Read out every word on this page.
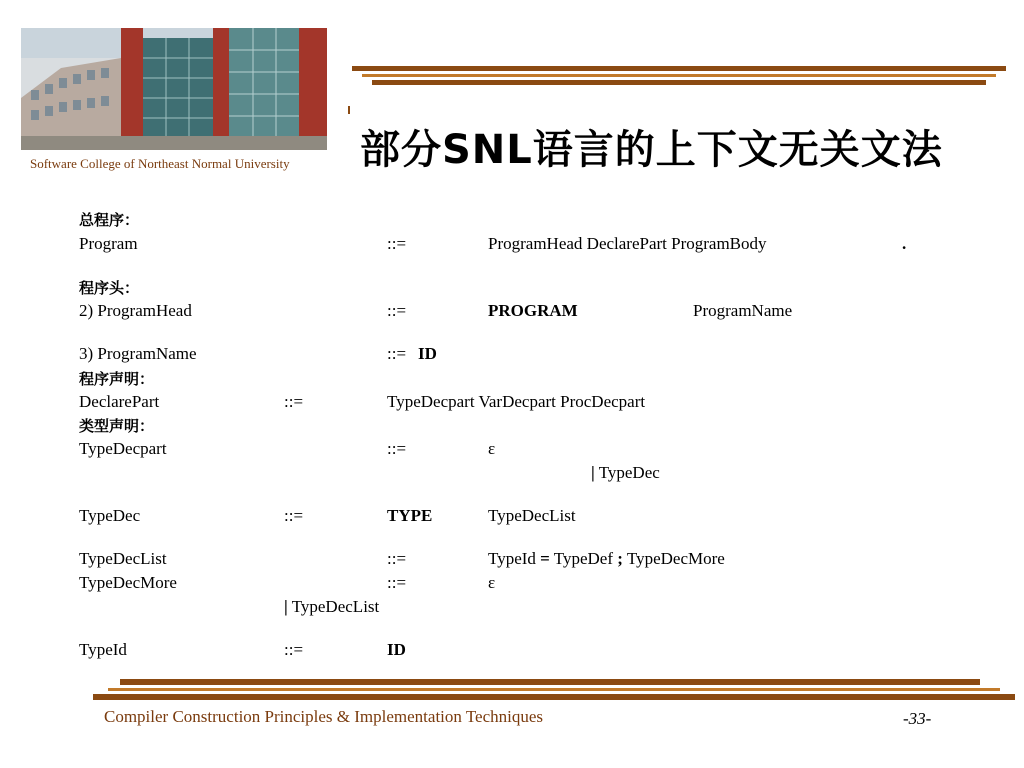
Software College of Northeast Normal University 部分SNL语言的上下文无关文法
总程序：
Program	::=	ProgramHead DeclarePart ProgramBody	.
程序头：
2) ProgramHead	::=	PROGRAM	ProgramName
3) ProgramName	::= ID
程序声明：
DeclarePart	::=	TypeDecpart VarDecpart ProcDecpart
类型声明：
TypeDecpart	::=	ε
| TypeDec
TypeDec	::=	TYPE	TypeDecList
TypeDecList	::=	TypeId = TypeDef ; TypeDecMore
TypeDecMore	::=	ε
| TypeDecList
TypeId	::=	ID
Compiler Construction Principles & Implementation Techniques	-33-
